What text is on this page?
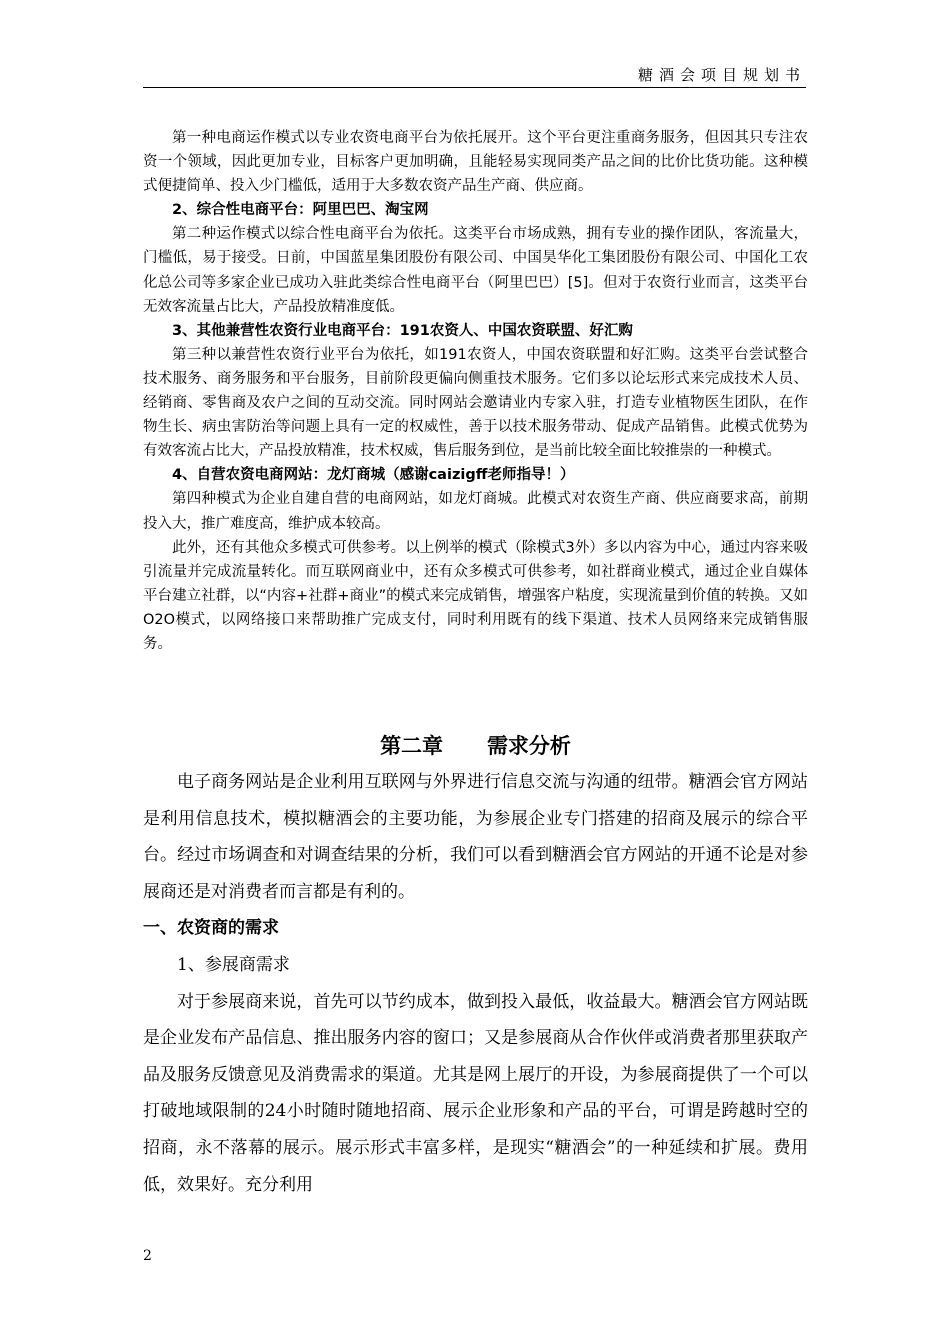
糖酒会项目规划书

第一种电商运作模式以专业农资电商平台为依托展开。这个平台更注重商务服务，但因其只专注农资一个领域，因此更加专业，目标客户更加明确，且能轻易实现同类产品之间的比价比货功能。这种模式便捷简单、投入少门槛低，适用于大多数农资产品生产商、供应商。

2、综合性电商平台：阿里巴巴、淘宝网

第二种运作模式以综合性电商平台为依托。这类平台市场成熟，拥有专业的操作团队，客流量大，门槛低，易于接受。日前，中国蓝星集团股份有限公司、中国昊华化工集团股份有限公司、中国化工农化总公司等多家企业已成功入驻此类综合性电商平台（阿里巴巴）[5]。但对于农资行业而言，这类平台无效客流量占比大，产品投放精准度低。

3、其他兼营性农资行业电商平台：191农资人、中国农资联盟、好汇购

第三种以兼营性农资行业平台为依托，如191农资人，中国农资联盟和好汇购。这类平台尝试整合技术服务、商务服务和平台服务，目前阶段更偏向侧重技术服务。它们多以论坛形式来完成技术人员、经销商、零售商及农户之间的互动交流。同时网站会邀请业内专家入驻，打造专业植物医生团队，在作物生长、病虫害防治等问题上具有一定的权威性，善于以技术服务带动、促成产品销售。此模式优势为有效客流占比大，产品投放精准，技术权威，售后服务到位，是当前比较全面比较推崇的一种模式。

4、自营农资电商网站：龙灯商城（感谢caizigff老师指导！）

第四种模式为企业自建自营的电商网站，如龙灯商城。此模式对农资生产商、供应商要求高，前期投入大，推广难度高，维护成本较高。

此外，还有其他众多模式可供参考。以上例举的模式（除模式3外）多以内容为中心，通过内容来吸引流量并完成流量转化。而互联网商业中，还有众多模式可供参考，如社群商业模式，通过企业自媒体平台建立社群，以“内容+社群+商业”的模式来完成销售，增强客户粘度，实现流量到价值的转换。又如O2O模式，以网络接口来帮助推广完成支付，同时利用既有的线下渠道、技术人员网络来完成销售服务。

第二章 需求分析

电子商务网站是企业利用互联网与外界进行信息交流与沟通的纽带。糖酒会官方网站是利用信息技术，模拟糖酒会的主要功能，为参展企业专门搭建的招商及展示的综合平台。经过市场调查和对调查结果的分析，我们可以看到糖酒会官方网站的开通不论是对参展商还是对消费者而言都是有利的。

一、农资商的需求

1、参展商需求

对于参展商来说，首先可以节约成本，做到投入最低，收益最大。糖酒会官方网站既是企业发布产品信息、推出服务内容的窗口；又是参展商从合作伙伴或消费者那里获取产品及服务反馈意见及消费需求的渠道。尤其是网上展厅的开设，为参展商提供了一个可以打破地域限制的24小时随时随地招商、展示企业形象和产品的平台，可谓是跨越时空的招商，永不落幕的展示。展示形式丰富多样，是现实“糖酒会”的一种延续和扩展。费用低，效果好。充分利用

2
